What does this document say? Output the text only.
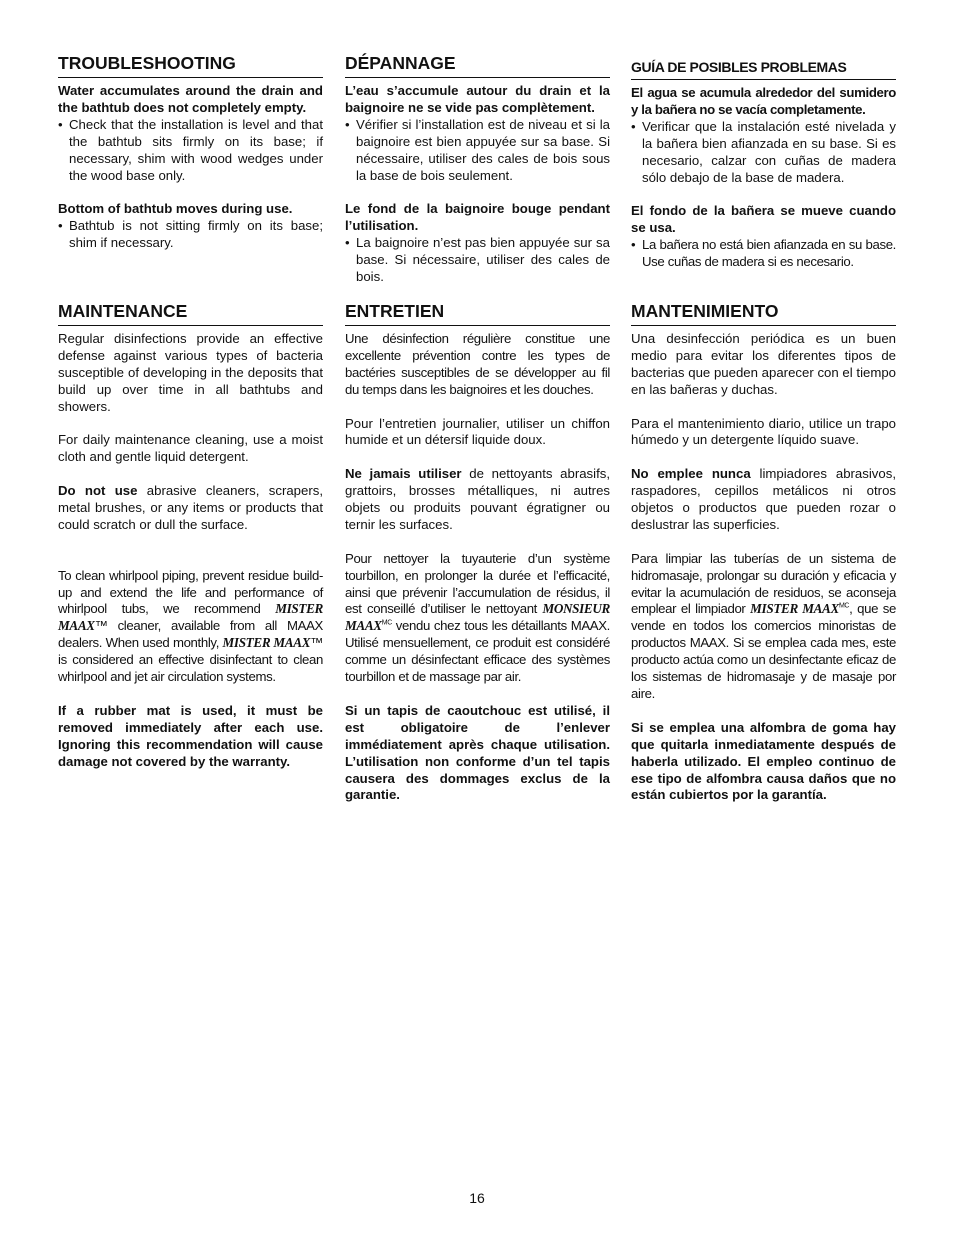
TROUBLESHOOTING

Water accumulates around the drain and the bathtub does not completely empty.

• Check that the installation is level and that the bathtub sits firmly on its base; if necessary, shim with wood wedges under the wood base only.

Bottom of bathtub moves during use.

• Bathtub is not sitting firmly on its base; shim if necessary.

MAINTENANCE

Regular disinfections provide an effective defense against various types of bacteria susceptible of developing in the deposits that build up over time in all bathtubs and showers.

For daily maintenance cleaning, use a moist cloth and gentle liquid detergent.

Do not use abrasive cleaners, scrapers, metal brushes, or any items or products that could scratch or dull the surface.

To clean whirlpool piping, prevent residue build-up and extend the life and performance of whirlpool tubs, we recommend MISTER MAAX™ cleaner, available from all MAAX dealers. When used monthly, MISTER MAAX™ is considered an effective disinfectant to clean whirlpool and jet air circulation systems.

If a rubber mat is used, it must be removed immediately after each use. Ignoring this recommendation will cause damage not covered by the warranty.

DÉPANNAGE

L’eau s’accumule autour du drain et la baignoire ne se vide pas complètement.

• Vérifier si l’installation est de niveau et si la baignoire est bien appuyée sur sa base. Si nécessaire, utiliser des cales de bois sous la base de bois seulement.

Le fond de la baignoire bouge pendant l’utilisation.

• La baignoire n’est pas bien appuyée sur sa base. Si nécessaire, utiliser des cales de bois.

ENTRETIEN

Une désinfection régulière constitue une excellente prévention contre les types de bactéries susceptibles de se développer au fil du temps dans les baignoires et les douches.

Pour l’entretien journalier, utiliser un chiffon humide et un détersif liquide doux.

Ne jamais utiliser de nettoyants abrasifs, grattoirs, brosses métalliques, ni autres objets ou produits pouvant égratigner ou ternir les surfaces.

Pour nettoyer la tuyauterie d’un système tourbillon, en prolonger la durée et l’efficacité, ainsi que prévenir l’accumulation de résidus, il est conseillé d’utiliser le nettoyant MONSIEUR $MAAX^{MC}$ vendu chez tous les détaillants MAAX. Utilisé mensuellement, ce produit est considéré comme un désinfectant efficace des systèmes tourbillon et de massage par air.

Si un tapis de caoutchouc est utilisé, il est obligatoire de l’enlever immédiatement après chaque utilisation. L’utilisation non conforme d’un tel tapis causera des dommages exclus de la garantie.

GUÍA DE POSIBLES PROBLEMAS

El agua se acumula alrededor del sumidero y la bañera no se vacía completamente.

• Verificar que la instalación esté nivelada y la bañera bien afianzada en su base. Si es necesario, calzar con cuñas de madera sólo debajo de la base de madera.

El fondo de la bañera se mueve cuando se usa.

• La bañera no está bien afianzada en su base. Use cuñas de madera si es necesario.

MANTENIMIENTO

Una desinfección periódica es un buen medio para evitar los diferentes tipos de bacterias que pueden aparecer con el tiempo en las bañeras y duchas.

Para el mantenimiento diario, utilice un trapo húmedo y un detergente líquido suave.

No emplee nunca limpiadores abrasivos, raspadores, cepillos metálicos ni otros objetos o productos que pueden rozar o deslustrar las superficies.

Para limpiar las tuberías de un sistema de hidromasaje, prolongar su duración y eficacia y evitar la acumulación de residuos, se aconseja emplear el limpiador MISTER $MAAX^{MC}$, que se vende en todos los comercios minoristas de productos MAAX. Si se emplea cada mes, este producto actúa como un desinfectante eficaz de los sistemas de hidromasaje y de masaje por aire.

Si se emplea una alfombra de goma hay que quitarla inmediatamente después de haberla utilizado. El empleo continuo de ese tipo de alfombra causa daños que no están cubiertos por la garantía.

16
